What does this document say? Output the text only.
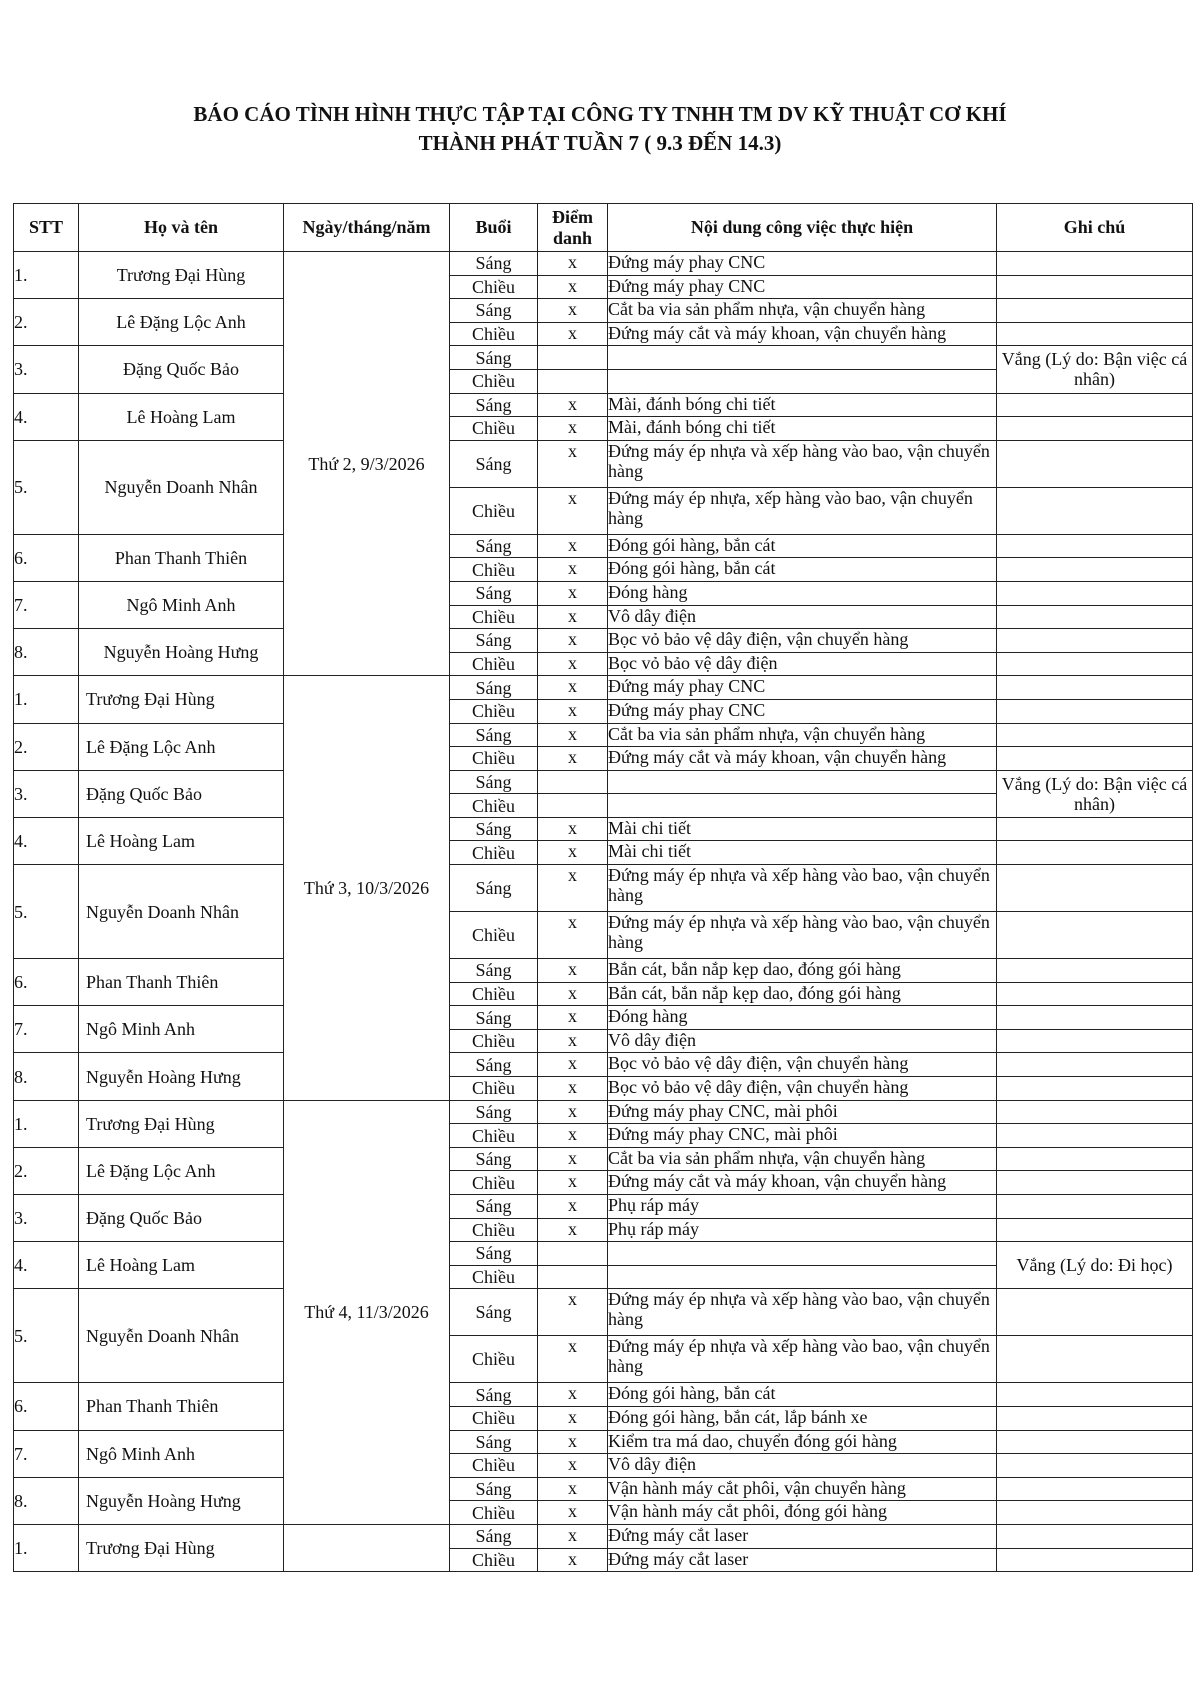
BÁO CÁO TÌNH HÌNH THỰC TẬP TẠI CÔNG TY TNHH TM DV KỸ THUẬT CƠ KHÍ
THÀNH PHÁT TUẦN 7 ( 9.3 ĐẾN 14.3)
STT	Họ và tên	Ngày/tháng/năm	Buổi	Điểm
danh	Nội dung công việc thực hiện	Ghi chú
1.	Trương Đại Hùng	Thứ 2, 9/3/2026	Sáng	x	Đứng máy phay CNC	
			Chiều	x	Đứng máy phay CNC	
2.	Lê Đặng Lộc Anh		Sáng	x	Cắt ba via sản phẩm nhựa, vận chuyển hàng	
			Chiều	x	Đứng máy cắt và máy khoan, vận chuyển hàng	
3.	Đặng Quốc Bảo		Sáng			Vắng (Lý do: Bận việc cá nhân)
			Chiều			
4.	Lê Hoàng Lam		Sáng	x	Mài, đánh bóng chi tiết	
			Chiều	x	Mài, đánh bóng chi tiết	
5.	Nguyễn Doanh Nhân		Sáng	x	Đứng máy ép nhựa và xếp hàng vào bao, vận chuyển hàng	
			Chiều	x	Đứng máy ép nhựa, xếp hàng vào bao, vận chuyển hàng	
6.	Phan Thanh Thiên		Sáng	x	Đóng gói hàng, bắn cát	
			Chiều	x	Đóng gói hàng, bắn cát	
7.	Ngô Minh Anh		Sáng	x	Đóng hàng	
			Chiều	x	Vô dây điện	
8.	Nguyễn Hoàng Hưng		Sáng	x	Bọc vỏ bảo vệ dây điện, vận chuyển hàng	
			Chiều	x	Bọc vỏ bảo vệ dây điện	
1.	Trương Đại Hùng	Thứ 3, 10/3/2026	Sáng	x	Đứng máy phay CNC	
			Chiều	x	Đứng máy phay CNC	
2.	Lê Đặng Lộc Anh		Sáng	x	Cắt ba via sản phẩm nhựa, vận chuyển hàng	
			Chiều	x	Đứng máy cắt và máy khoan, vận chuyển hàng	
3.	Đặng Quốc Bảo		Sáng			Vắng (Lý do: Bận việc cá nhân)
			Chiều			
4.	Lê Hoàng Lam		Sáng	x	Mài chi tiết	
			Chiều	x	Mài chi tiết	
5.	Nguyễn Doanh Nhân		Sáng	x	Đứng máy ép nhựa và xếp hàng vào bao, vận chuyển hàng	
			Chiều	x	Đứng máy ép nhựa và xếp hàng vào bao, vận chuyển hàng	
6.	Phan Thanh Thiên		Sáng	x	Bắn cát, bắn nắp kẹp dao, đóng gói hàng	
			Chiều	x	Bắn cát, bắn nắp kẹp dao, đóng gói hàng	
7.	Ngô Minh Anh		Sáng	x	Đóng hàng	
			Chiều	x	Vô dây điện	
8.	Nguyễn Hoàng Hưng		Sáng	x	Bọc vỏ bảo vệ dây điện, vận chuyển hàng	
			Chiều	x	Bọc vỏ bảo vệ dây điện, vận chuyển hàng	
1.	Trương Đại Hùng	Thứ 4, 11/3/2026	Sáng	x	Đứng máy phay CNC, mài phôi	
			Chiều	x	Đứng máy phay CNC, mài phôi	
2.	Lê Đặng Lộc Anh		Sáng	x	Cắt ba via sản phẩm nhựa, vận chuyển hàng	
			Chiều	x	Đứng máy cắt và máy khoan, vận chuyển hàng	
3.	Đặng Quốc Bảo		Sáng	x	Phụ ráp máy	
			Chiều	x	Phụ ráp máy	
4.	Lê Hoàng Lam		Sáng			Vắng (Lý do: Đi học)
			Chiều			
5.	Nguyễn Doanh Nhân		Sáng	x	Đứng máy ép nhựa và xếp hàng vào bao, vận chuyển hàng	
			Chiều	x	Đứng máy ép nhựa và xếp hàng vào bao, vận chuyển hàng	
6.	Phan Thanh Thiên		Sáng	x	Đóng gói hàng, bắn cát	
			Chiều	x	Đóng gói hàng, bắn cát, lắp bánh xe	
7.	Ngô Minh Anh		Sáng	x	Kiểm tra má dao, chuyển đóng gói hàng	
			Chiều	x	Vô dây điện	
8.	Nguyễn Hoàng Hưng		Sáng	x	Vận hành máy cắt phôi, vận chuyển hàng	
			Chiều	x	Vận hành máy cắt phôi, đóng gói hàng	
1.	Trương Đại Hùng		Sáng	x	Đứng máy cắt laser	
			Chiều	x	Đứng máy cắt laser	
